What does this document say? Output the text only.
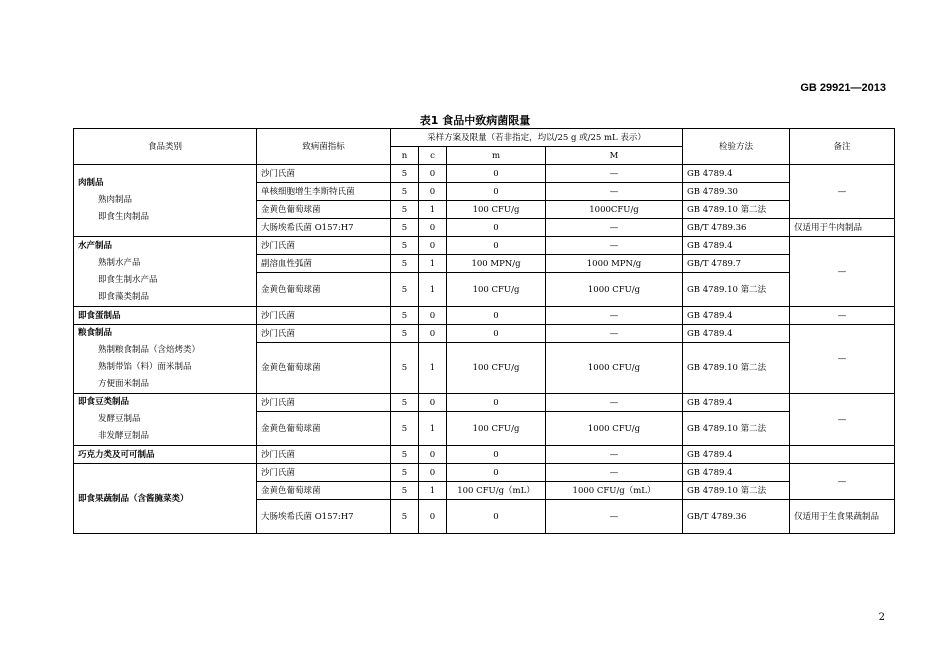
GB 29921—2013
表1 食品中致病菌限量
食品类别	致病菌指标	采样方案及限量（若非指定，均以/25 g 或/25 mL 表示）				检验方法	备注
		n	c	m	M		

肉制品
熟肉制品
即食生肉制品	沙门氏菌	5	0	0	—	GB 4789.4	—
	单核细胞增生李斯特氏菌	5	0	0	—	GB 4789.30	
	金黄色葡萄球菌	5	1	100 CFU/g	1000CFU/g	GB 4789.10 第二法	
	大肠埃希氏菌 O157:H7	5	0	0	—	GB/T 4789.36	仅适用于牛肉制品

水产制品
熟制水产品
即食生制水产品
即食藻类制品	沙门氏菌	5	0	0	—	GB 4789.4	—
	副溶血性弧菌	5	1	100 MPN/g	1000 MPN/g	GB/T 4789.7	
	金黄色葡萄球菌	5	1	100 CFU/g	1000 CFU/g	GB 4789.10 第二法	

即食蛋制品	沙门氏菌	5	0	0	—	GB 4789.4	—

粮食制品
熟制粮食制品（含焙烤类）
熟制带馅（料）面米制品
方便面米制品	沙门氏菌	5	0	0	—	GB 4789.4	—
	金黄色葡萄球菌	5	1	100 CFU/g	1000 CFU/g	GB 4789.10 第二法	

即食豆类制品
发酵豆制品
非发酵豆制品	沙门氏菌	5	0	0	—	GB 4789.4	—
	金黄色葡萄球菌	5	1	100 CFU/g	1000 CFU/g	GB 4789.10 第二法	

巧克力类及可可制品	沙门氏菌	5	0	0	—	GB 4789.4	

即食果蔬制品（含酱腌菜类）	沙门氏菌	5	0	0	—	GB 4789.4	—
	金黄色葡萄球菌	5	1	100 CFU/g（mL）	1000 CFU/g（mL）	GB 4789.10 第二法	
	大肠埃希氏菌 O157:H7	5	0	0	—	GB/T 4789.36	仅适用于生食果蔬制品
2
